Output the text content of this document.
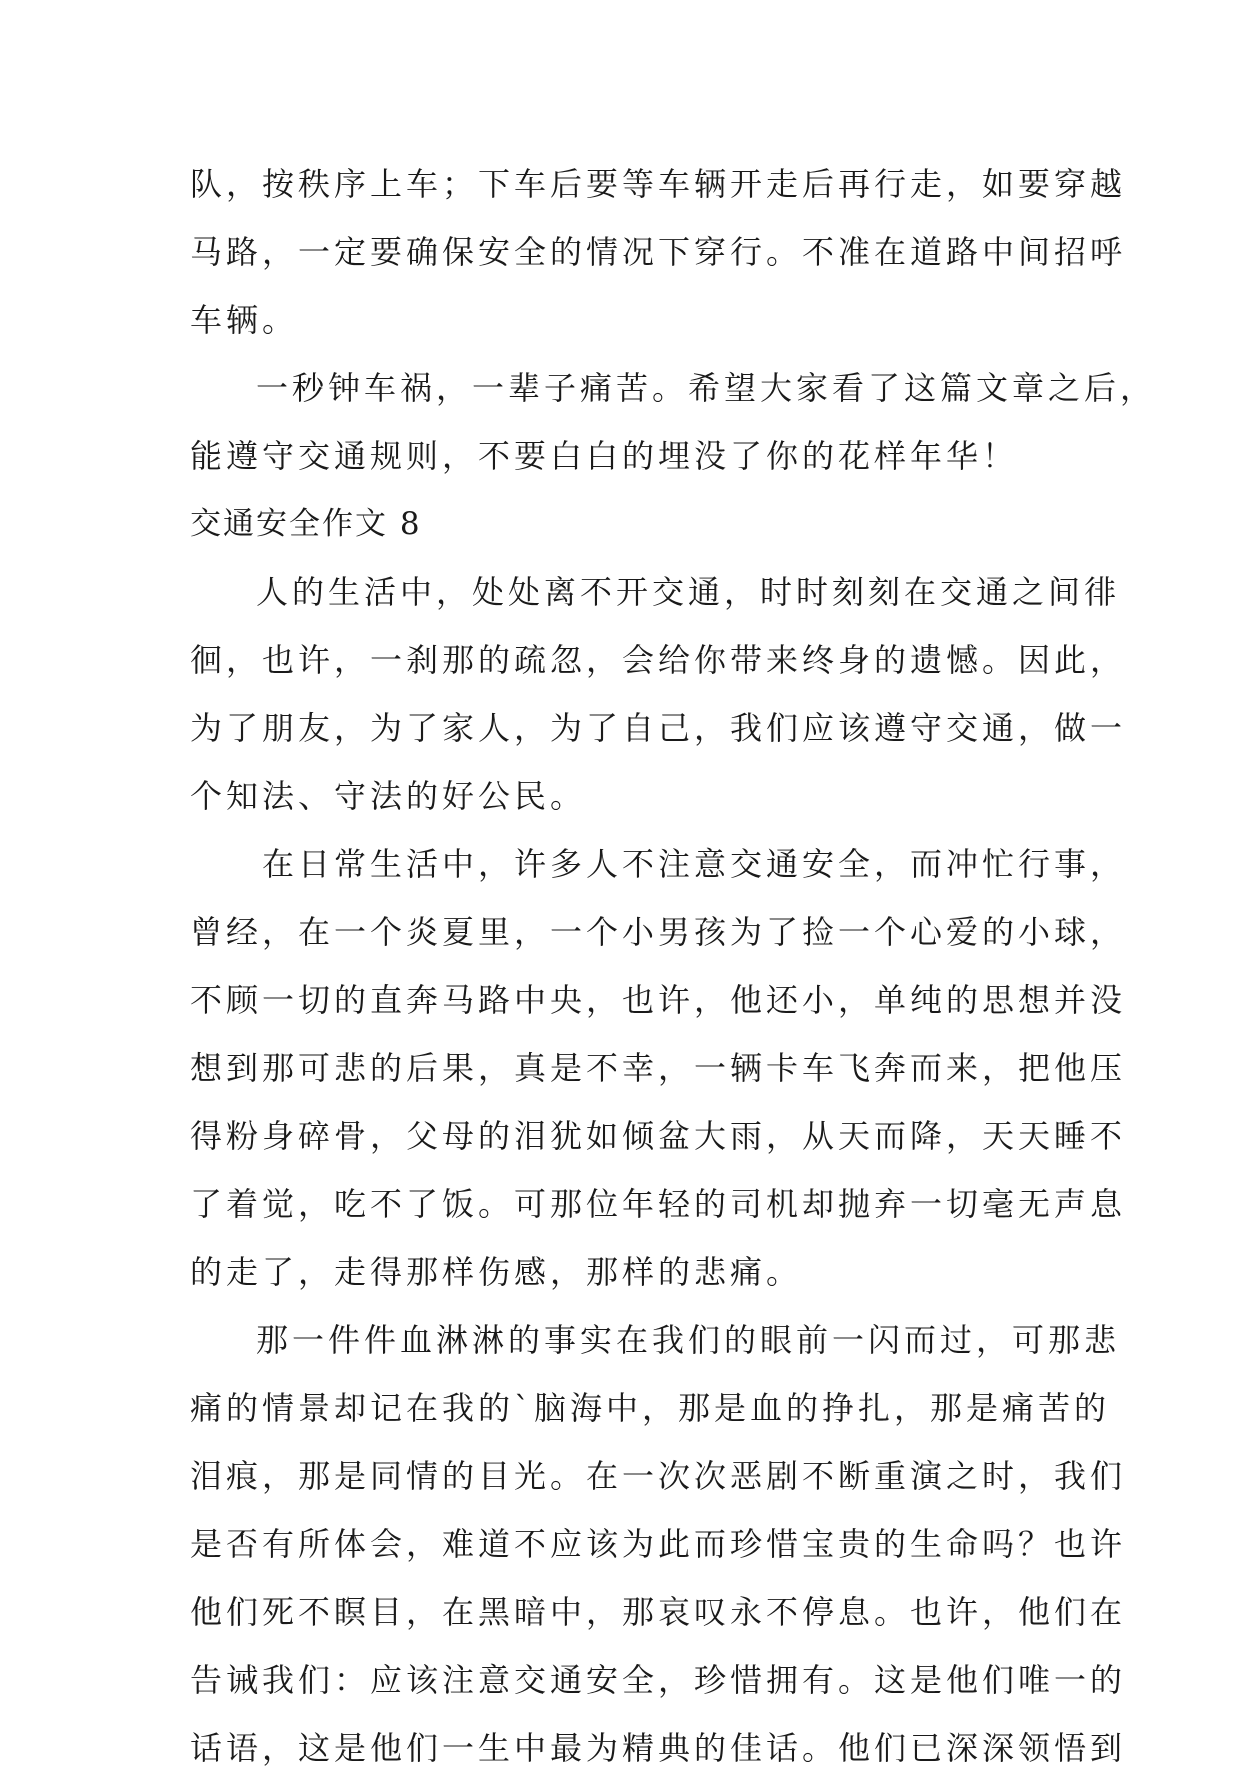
队，按秩序上车；下车后要等车辆开走后再行走，如要穿越
马路，一定要确保安全的情况下穿行。不准在道路中间招呼
车辆。
一秒钟车祸，一辈子痛苦。希望大家看了这篇文章之后，
能遵守交通规则，不要白白的埋没了你的花样年华！
交通安全作文 8
人的生活中，处处离不开交通，时时刻刻在交通之间徘
徊，也许，一刹那的疏忽，会给你带来终身的遗憾。因此，
为了朋友，为了家人，为了自己，我们应该遵守交通，做一
个知法、守法的好公民。
在日常生活中，许多人不注意交通安全，而冲忙行事，
曾经，在一个炎夏里，一个小男孩为了捡一个心爱的小球，
不顾一切的直奔马路中央，也许，他还小，单纯的思想并没
想到那可悲的后果，真是不幸，一辆卡车飞奔而来，把他压
得粉身碎骨，父母的泪犹如倾盆大雨，从天而降，天天睡不
了着觉，吃不了饭。可那位年轻的司机却抛弃一切毫无声息
的走了，走得那样伤感，那样的悲痛。
那一件件血淋淋的事实在我们的眼前一闪而过，可那悲
痛的情景却记在我的`脑海中，那是血的挣扎，那是痛苦的
泪痕，那是同情的目光。在一次次恶剧不断重演之时，我们
是否有所体会，难道不应该为此而珍惜宝贵的生命吗？也许
他们死不瞑目，在黑暗中，那哀叹永不停息。也许，他们在
告诫我们：应该注意交通安全，珍惜拥有。这是他们唯一的
话语，这是他们一生中最为精典的佳话。他们已深深领悟到
